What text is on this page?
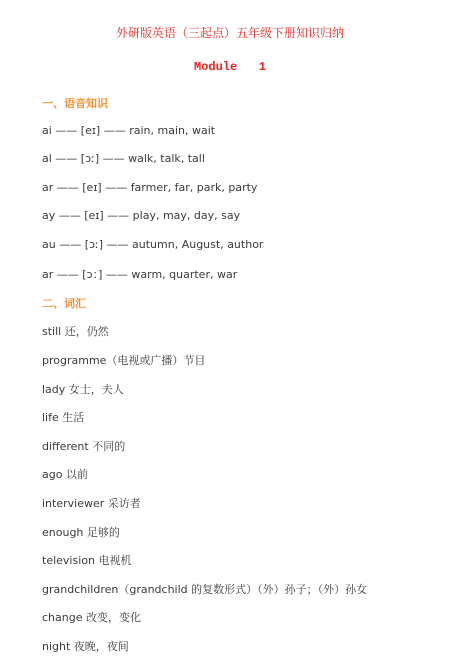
外研版英语（三起点）五年级下册知识归纳
Module   1
一、语音知识
ai —— [eɪ] —— rain, main, wait
al —— [ɔː] —— walk, talk, tall
ar —— [eɪ] —— farmer, far, park, party
ay —— [eɪ] —— play, may, day, say
au —— [ɔː] —— autumn, August, author
ar —— [ɔ：] —— warm, quarter, war
二、词汇
still 还，仍然
programme（电视或广播）节目
lady 女士，夫人
life 生活
different 不同的
ago 以前
interviewer 采访者
enough 足够的
television 电视机
grandchildren（grandchild 的复数形式）（外）孙子；（外）孙女
change 改变，变化
night 夜晚，夜间
